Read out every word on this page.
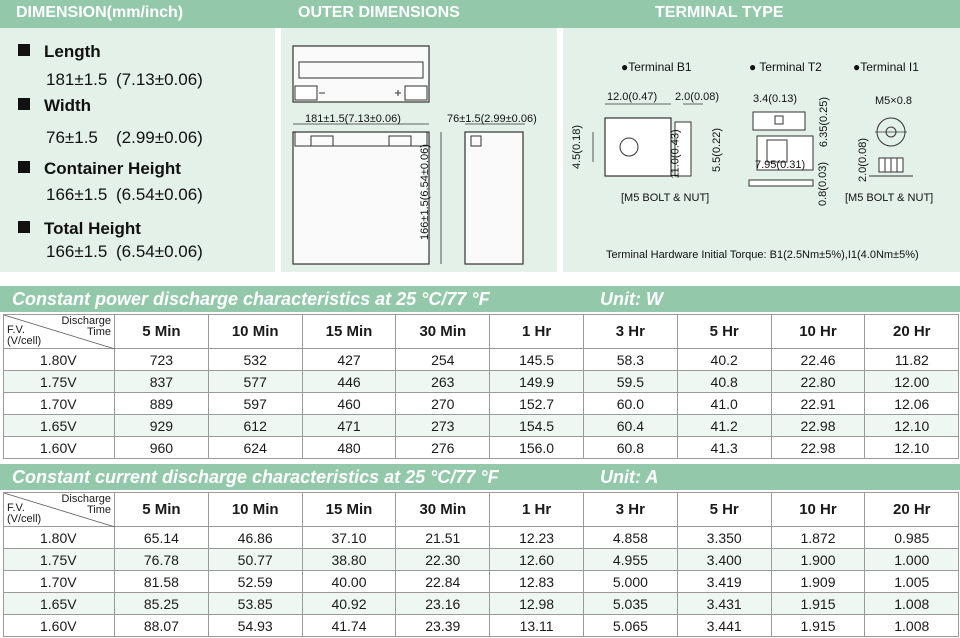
DIMENSION(mm/inch)	OUTER DIMENSIONS	TERMINAL TYPE
Length
181±1.5 (7.13±0.06)
Width
76±1.5 (2.99±0.06)
Container Height
166±1.5 (6.54±0.06)
Total Height
166±1.5 (6.54±0.06)
181±1.5(7.13±0.06)	76±1.5(2.99±0.06)
166±1.5(6.54±0.06)
●Terminal B1	● Terminal T2	●Terminal I1
12.0(0.47) 2.0(0.08)
4.5(0.18)	11.0(0.43)	5.5(0.22)
[M5 BOLT & NUT]
3.4(0.13) 6.35(0.25)
7.95(0.31) 0.8(0.03)
M5×0.8
2.0(0.08)
[M5 BOLT & NUT]
Terminal Hardware Initial Torque: B1(2.5Nm±5%),I1(4.0Nm±5%)
Constant power discharge characteristics at 25 °C/77 °F	Unit: W
Discharge
Time
F.V.
(V/cell)	5 Min	10 Min	15 Min	30 Min	1 Hr	3 Hr	5 Hr	10 Hr	20 Hr
1.80V	723	532	427	254	145.5	58.3	40.2	22.46	11.82
1.75V	837	577	446	263	149.9	59.5	40.8	22.80	12.00
1.70V	889	597	460	270	152.7	60.0	41.0	22.91	12.06
1.65V	929	612	471	273	154.5	60.4	41.2	22.98	12.10
1.60V	960	624	480	276	156.0	60.8	41.3	22.98	12.10
Constant current discharge characteristics at 25 °C/77 °F	Unit: A
Discharge
Time
F.V.
(V/cell)	5 Min	10 Min	15 Min	30 Min	1 Hr	3 Hr	5 Hr	10 Hr	20 Hr
1.80V	65.14	46.86	37.10	21.51	12.23	4.858	3.350	1.872	0.985
1.75V	76.78	50.77	38.80	22.30	12.60	4.955	3.400	1.900	1.000
1.70V	81.58	52.59	40.00	22.84	12.83	5.000	3.419	1.909	1.005
1.65V	85.25	53.85	40.92	23.16	12.98	5.035	3.431	1.915	1.008
1.60V	88.07	54.93	41.74	23.39	13.11	5.065	3.441	1.915	1.008
